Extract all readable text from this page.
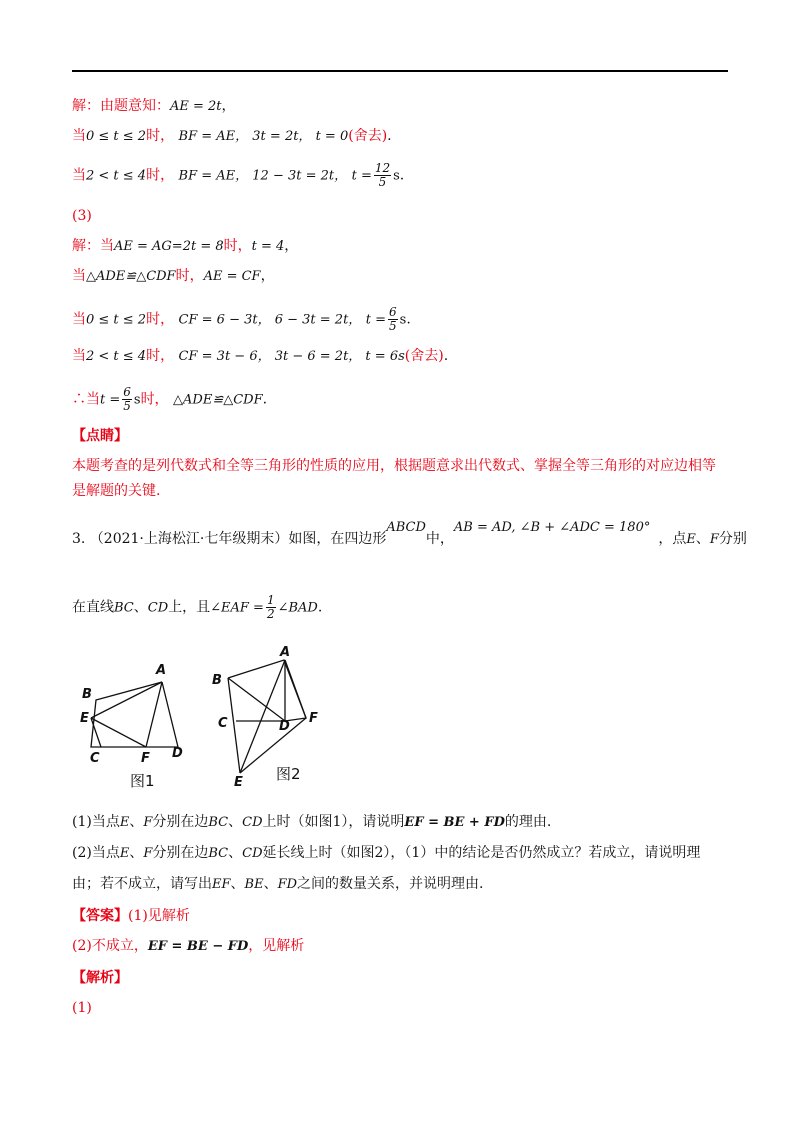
解：由题意知：AE = 2t，
当0 ≤ t ≤ 2时， BF = AE， 3t = 2t， t = 0(舍去).
当2 < t ≤ 4时， BF = AE， 12 − 3t = 2t， $t = \frac{12}{5} s$.
(3)
解：当AE = AG=2t = 8时，t = 4，
当△ADE≌△CDF时，AE = CF，
当0 ≤ t ≤ 2时， CF = 6 − 3t， 6 − 3t = 2t， $t = \frac{6}{5} s$.
当2 < t ≤ 4时， CF = 3t − 6， 3t − 6 = 2t， t = 6s(舍去).
∴当$t = \frac{6}{5}$ s时， △ADE≌△CDF.
【点睛】
本题考查的是列代数式和全等三角形的性质的应用，根据题意求出代数式、掌握全等三角形的对应边相等是解题的关键.
3. （2021·上海松江·七年级期末）如图，在四边形ABCD中，AB = AD, ∠B + ∠ADC = 180°，点E、F分别
在直线BC、CD上，且∠EAF = $\frac{1}{2}$ ∠BAD.
A
B
E
C	F D
图1
A
B
C	D
F
E 图2
(1)当点E、F分别在边BC、CD上时（如图1），请说明EF = BE + FD的理由.
(2)当点E、F分别在边BC、CD延长线上时（如图2），（1）中的结论是否仍然成立？若成立，请说明理
由；若不成立，请写出EF、BE、FD之间的数量关系，并说明理由.
【答案】(1)见解析
(2)不成立，EF = BE − FD，见解析
【解析】
(1)
